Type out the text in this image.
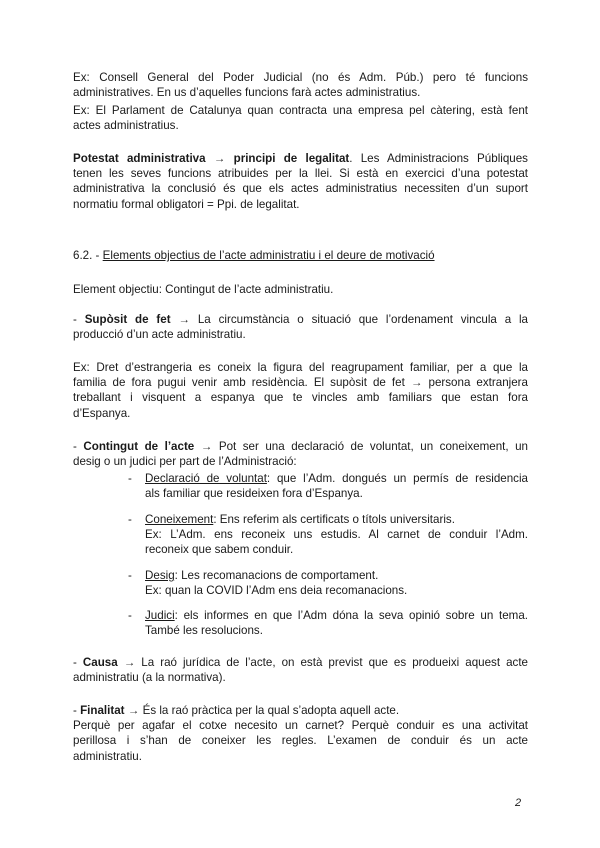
Ex: Consell General del Poder Judicial (no és Adm. Púb.) pero té funcions
administratives. En us d’aquelles funcions farà actes administratius.
Ex: El Parlament de Catalunya quan contracta una empresa pel càtering, està fent
actes administratius.
Potestat administrativa → principi de legalitat. Les Administracions Públiques
tenen les seves funcions atribuides per la llei. Si està en exercici d’una potestat
administrativa la conclusió és que els actes administratius necessiten d’un suport
normatiu formal obligatori = Ppi. de legalitat.
6.2. - Elements objectius de l’acte administratiu i el deure de motivació
Element objectiu: Contingut de l’acte administratiu.
- Supòsit de fet → La circumstància o situació que l’ordenament vincula a la
producció d’un acte administratiu.
Ex: Dret d’estrangeria es coneix la figura del reagrupament familiar, per a que la
familia de fora pugui venir amb residència. El supòsit de fet → persona extranjera
treballant i visquent a espanya que te vincles amb familiars que estan fora
d’Espanya.
- Contingut de l’acte → Pot ser una declaració de voluntat, un coneixement, un
desig o un judici per part de l’Administració:
- Declaració de voluntat: que l’Adm. dongués un permís de residencia
als familiar que resideixen fora d’Espanya.
- Coneixement: Ens referim als certificats o títols universitaris.
Ex: L’Adm. ens reconeix uns estudis. Al carnet de conduir l’Adm.
reconeix que sabem conduir.
- Desig: Les recomanacions de comportament.
Ex: quan la COVID l’Adm ens deia recomanacions.
- Judici: els informes en que l’Adm dóna la seva opinió sobre un tema.
També les resolucions.
- Causa → La raó jurídica de l’acte, on està previst que es produeixi aquest acte
administratiu (a la normativa).
- Finalitat → És la raó pràctica per la qual s’adopta aquell acte.
Perquè per agafar el cotxe necesito un carnet? Perquè conduir es una activitat
perillosa i s’han de coneixer les regles. L’examen de conduir és un acte
administratiu.
2
